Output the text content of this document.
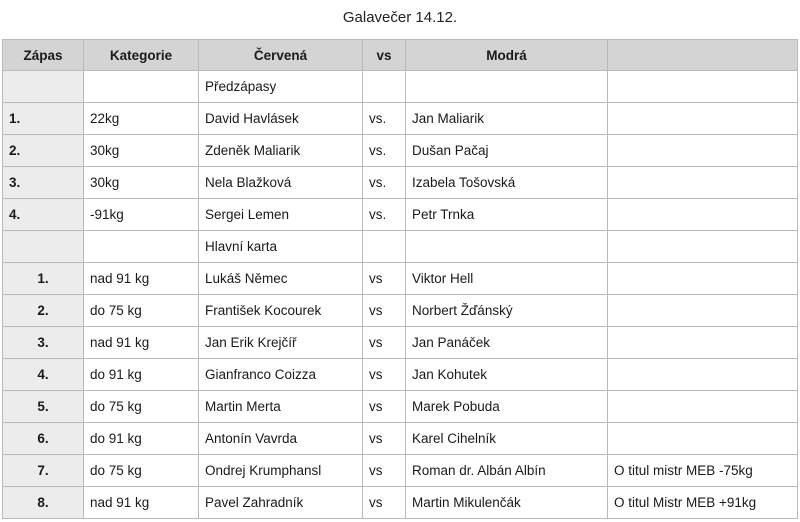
Galavečer 14.12.
Zápas	Kategorie	Červená	vs	Modrá	
		Předzápasy			
1.	22kg	David Havlásek	vs.	Jan Maliarik	
2.	30kg	Zdeněk Maliarik	vs.	Dušan Pačaj	
3.	30kg	Nela Blažková	vs.	Izabela Tošovská	
4.	-91kg	Sergei Lemen	vs.	Petr Trnka	
		Hlavní karta			
1.	nad 91 kg	Lukáš Němec	vs	Viktor Hell	
2.	do 75 kg	František Kocourek	vs	Norbert Žďánský	
3.	nad 91 kg	Jan Erik Krejčíř	vs	Jan Panáček	
4.	do 91 kg	Gianfranco Coizza	vs	Jan Kohutek	
5.	do 75 kg	Martin Merta	vs	Marek Pobuda	
6.	do 91 kg	Antonín Vavrda	vs	Karel Cihelník	
7.	do 75 kg	Ondrej Krumphansl	vs	Roman dr. Albán Albín	O titul mistr MEB -75kg
8.	nad 91 kg	Pavel Zahradník	vs	Martin Mikulenčák	O titul Mistr MEB +91kg
